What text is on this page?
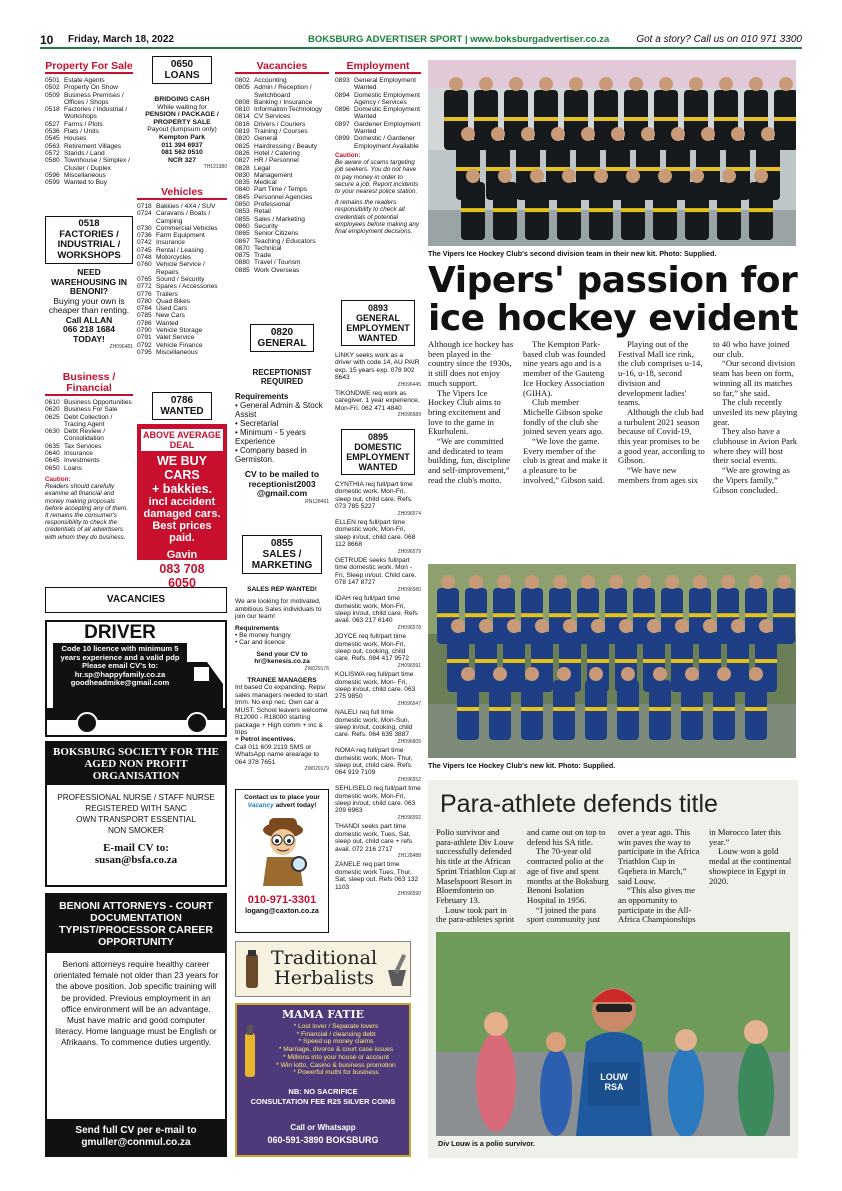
10 Friday, March 18, 2022	BOKSBURG ADVERTISER SPORT | www.boksburgadvertiser.co.za	Got a story? Call us on 010 971 3300
Property For Sale
0501 Estate Agents
0502 Property On Show
0509 Business Premises / Offices / Shops
0518 Factories / Industrial / Workshops
0527 Farms / Plots
0536 Flats / Units
0545 Houses
0563 Retirement Villages
0572 Stands / Land
0580 Townhouse / Simplex / Cluster / Duplex
0596 Miscellaneous
0599 Wanted to Buy
0518
FACTORIES / INDUSTRIAL / WORKSHOPS
NEED WAREHOUSING IN BENONI?
Buying your own is cheaper than renting.
Call ALLAN
066 218 1684
TODAY!
ZH096481
Business / Financial
0610 Business Opportunities
0620 Business For Sale
0625 Debt Collection / Tracing Agent
0630 Debt Review / Consolidation
0635 Tax Services
0640 Insurance
0645 Investments
0650 Loans
Caution:
Readers should carefully examine all financial and money making proposals before accepting any of them. It remains the consumer's responsibility to check the credentials of all advertisers with whom they do business.
0650
LOANS
BRIDGING CASH
While waiting for
PENSION / PACKAGE / PROPERTY SALE
Payout (lumpsum only)
Kempton Park
011 394 6937
081 562 0510
NCR 327
TH121380
Vehicles
0718 Bakkies / 4X4 / SUV
0724 Caravans / Boats / Camping
0730 Commercial Vehicles
0736 Farm Equipment
0742 Insurance
0745 Rental / Leasing
0748 Motorcycles
0760 Vehicle Service / Repairs
0765 Sound / Security
0772 Spares / Accessories
0776 Trailers
0780 Quad Bikes
0784 Used Cars
0785 New Cars
0786 Wanted
0790 Vehicle Storage
0791 Valet Service
0792 Vehicle Finance
0795 Miscellaneous
0786
WANTED
ABOVE AVERAGE DEAL
WE BUY CARS
+ bakkies.
incl accident damaged cars.
Best prices paid.
Gavin
083 708 6050
VACANCIES
DRIVER
Code 10 licence with minimum 5 years experience and a valid pdp
Please email CV's to:
hr.sp@happyfamily.co.za
goodheadmike@gmail.com
BOKSBURG SOCIETY FOR THE AGED NON PROFIT ORGANISATION
PROFESSIONAL NURSE / STAFF NURSE
REGISTERED WITH SANC
OWN TRANSPORT ESSENTIAL
NON SMOKER
E-mail CV to:
susan@bsfa.co.za
BENONI ATTORNEYS - COURT DOCUMENTATION TYPIST/PROCESSOR CAREER OPPORTUNITY
Benoni attorneys require healthy career orientated female not older than 23 years for the above position. Job specific training will be provided. Previous employment in an office environment will be an advantage. Must have matric and good computer literacy. Home language must be English or Afrikaans. To commence duties urgently.
Send full CV per e-mail to gmuller@conmul.co.za
Vacancies
0802 Accounting
0805 Admin / Reception / Switchboard
0808 Banking / Insurance
0810 Information Technology
0814 CV Services
0816 Drivers / Couriers
0819 Training / Courses
0820 General
0825 Hairdressing / Beauty
0826 Hotel / Catering
0827 HR / Personnel
0828 Legal
0830 Management
0835 Medical
0840 Part Time / Temps
0845 Personnel Agencies
0850 Professional
0853 Retail
0855 Sales / Marketing
0860 Security
0865 Senior Citizens
0867 Teaching / Educators
0870 Technical
0875 Trade
0880 Travel / Tourism
0885 Work Overseas
0820
GENERAL
RECEPTIONIST REQUIRED
Requirements
• General Admin & Stock Assist
• Secretarial
• Minimum - 5 years Experience
• Company based in Germiston.
CV to be mailed to
receptionist2003
@gmail.com
RN128461
0855
SALES / MARKETING
SALES REP WANTED!
We are looking for motivated, ambitious Sales individuals to join our team!
Requirements
• Be money hungry
• Car and licence
Send your CV to
hr@kenesis.co.za
ZW029176
TRAINEE MANAGERS
Int based Co expanding. Reps/ sales managers needed to start Imm. No exp nec. Own car a MUST. School leavers welcome R12000 - R18000 starting package + High comm + inc & trips
+ Petrol incentives.
Call 011 609 2119 SMS or WhatsApp name area/age to 064 378 7651
ZW029179
Contact us to place your
Vacancy advert today!
010-971-3301
logang@caxton.co.za
Traditional Herbalists
MAMA FATIE
* Lost lover / Separate lovers
* Financial / cleansing debt
* Speed up money claims
* Marriage, divorce & court case issues
* Millions into your house or account
* Win lotto, Casino & business promotion
* Powerful muthi for business
NB: NO SACRIFICE
CONSULTATION FEE R25 SILVER COINS
Call or Whatsapp
060-591-3890 BOKSBURG
Employment
0893 General Employment Wanted
0894 Domestic Employment Agency / Services
0896 Domestic Employment Wanted
0897 Gardener Employment Wanted
0899 Domestic / Gardener Employment Available
Caution:
Be aware of scams targeting job seekers. You do not have to pay money in order to secure a job. Report incidents to your nearest police station.
It remains the readers responsibility to check all credentials of potential employees before making any final employment decisions.
0893
GENERAL EMPLOYMENT WANTED
LINKY seeks work as a driver with code 14, AU PAIR exp. 15 years exp. 078 902 8643
ZH096445
TIKONDWE req work as caregiver. 1 year experience, Mon-Fri. 062 471 4840
ZH096589
0895
DOMESTIC EMPLOYMENT WANTED
CYNTHIA req full/part time domestic work, Mon-Fri, sleep out, child care. Refs. 073 785 5227
ZH096574
ELLEN req full/part time domestic work, Mon-Fri, sleep in/out, child care. 068 112 8668
ZH096579
GETRUDE seeks full/part time domestic work. Mon - Fri. Sleep in/out. Child care. 078 147 8727
ZH096580
IDAH req full/part time domestic work, Mon-Fri, sleep in/out, child care. Refs avail. 063 217 6140
ZH096578
JOYCE req full/part time domestic work, Mon-Fri, sleep out, cooking, child care. Refs. 084 417 9572
ZH096591
KOLISWA req full/part time domestic work, Mon- Fri, sleep in/out, child care. 063 275 9850
ZH096547
NALELI req full time domestic work, Mon-Sun, sleep in/out, cooking, child care. Refs. 064 635 3887
ZH096605
NOMA req full/part time domestic work, Mon- Thur, sleep out, child care. Refs. 064 919 7109
ZH096552
SEHLISELO req full/part time domestic work, Mon-Fri, sleep in/out, child care. 063 209 6963
ZH096592
THANDI seeks part time domestic work, Tues, Sat, sleep out, child care + refs avail. 072 216 2717
ZH128488
ZANELE req part time domestic work Tues, Thur, Sat, sleep out. Refs 063 132 1103
ZH096590
The Vipers Ice Hockey Club's second division team in their new kit. Photo: Supplied.
Vipers' passion for ice hockey evident

Although ice hockey has been played in the country since the 1930s, it still does not enjoy much support.

The Vipers Ice Hockey Club aims to bring excitement and love to the game in Ekurhuleni.

“We are committed and dedicated to team building, fun, discipline and self-improvement,” read the club's motto.

The Kempton Park-based club was founded nine years ago and is a member of the Gauteng Ice Hockey Association (GIHA).

Club member Michelle Gibson spoke fondly of the club she joined seven years ago.

“We love the game. Every member of the club is great and make it a pleasure to be involved,” Gibson said.

Playing out of the Festival Mall ice rink, the club comprises u-14, u-16, u-18, second division and development ladies' teams.

Although the club had a turbulent 2021 season because of Covid-19, this year promises to be a good year, according to Gibson.

“We have new members from ages six to 40 who have joined our club.

“Our second division team has been on form, winning all its matches so far,” she said.

The club recently unveiled its new playing gear.

They also have a clubhouse in Avion Park where they will host their social events.

“We are growing as the Vipers family,” Gibson concluded.

The Vipers Ice Hockey Club's new kit. Photo: Supplied.
Para-athlete defends title

Polio survivor and para-athlete Div Louw successfully defended his title at the African Sprint Triathlon Cup at Maselspoort Resort in Bloemfontein on February 13.

Louw took part in the para-athletes sprint and came out on top to defend his SA title.

The 70-year old contracted polio at the age of five and spent months at the Boksburg Benoni Isolation Hospital in 1956.

“I joined the para sport community just over a year ago. This win paves the way to participate in the Africa Triathlon Cup in Gqebera in March,” said Louw.

“This also gives me an opportunity to participate in the All-Africa Championships in Morocco later this year.”

Louw won a gold medal at the continental showpiece in Egypt in 2020.

LOUW
RSA
Div Louw is a polio survivor.
